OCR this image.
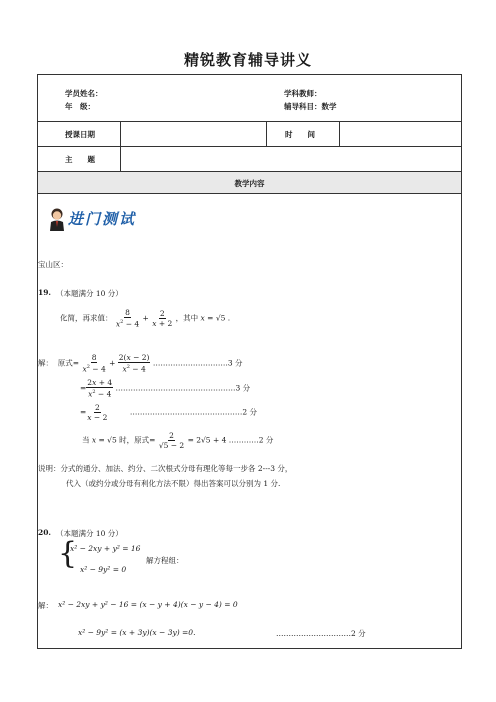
精锐教育辅导讲义
学员姓名：
年　级：
学科教师：
辅导科目：数学
授课日期	时　　间
主　　题
教学内容
进门测试
宝山区：
19. （本题满分 10 分）
化简，再求值： $\frac{8}{x^2 - 4} + \frac{2}{x + 2}$ ，其中 x = √5 .
解： 原式= $\frac{8}{x^2 - 4} + \frac{2(x - 2)}{x^2 - 4}$ …………………………3 分
= $\frac{2x + 4}{x^2 - 4}$ …………………………………………3 分
= $\frac{2}{x - 2}$	………………………………………2 分
当 x = √5 时，原式= $\frac{2}{√5 - 2} = 2√5 + 4$ …………2 分
说明：分式的通分、加法、约分、二次根式分母有理化等每一步各 2---3 分，
代入（或约分或分母有利化方法不限）得出答案可以分别为 1 分.
20. （本题满分 10 分）
{
x² − 2xy + y² = 16
x² − 9y² = 0
解方程组：
解： x² − 2xy + y² − 16 = (x − y + 4)(x − y − 4) = 0
x² − 9y² = (x + 3y)(x − 3y) =0.	…………………………2 分
